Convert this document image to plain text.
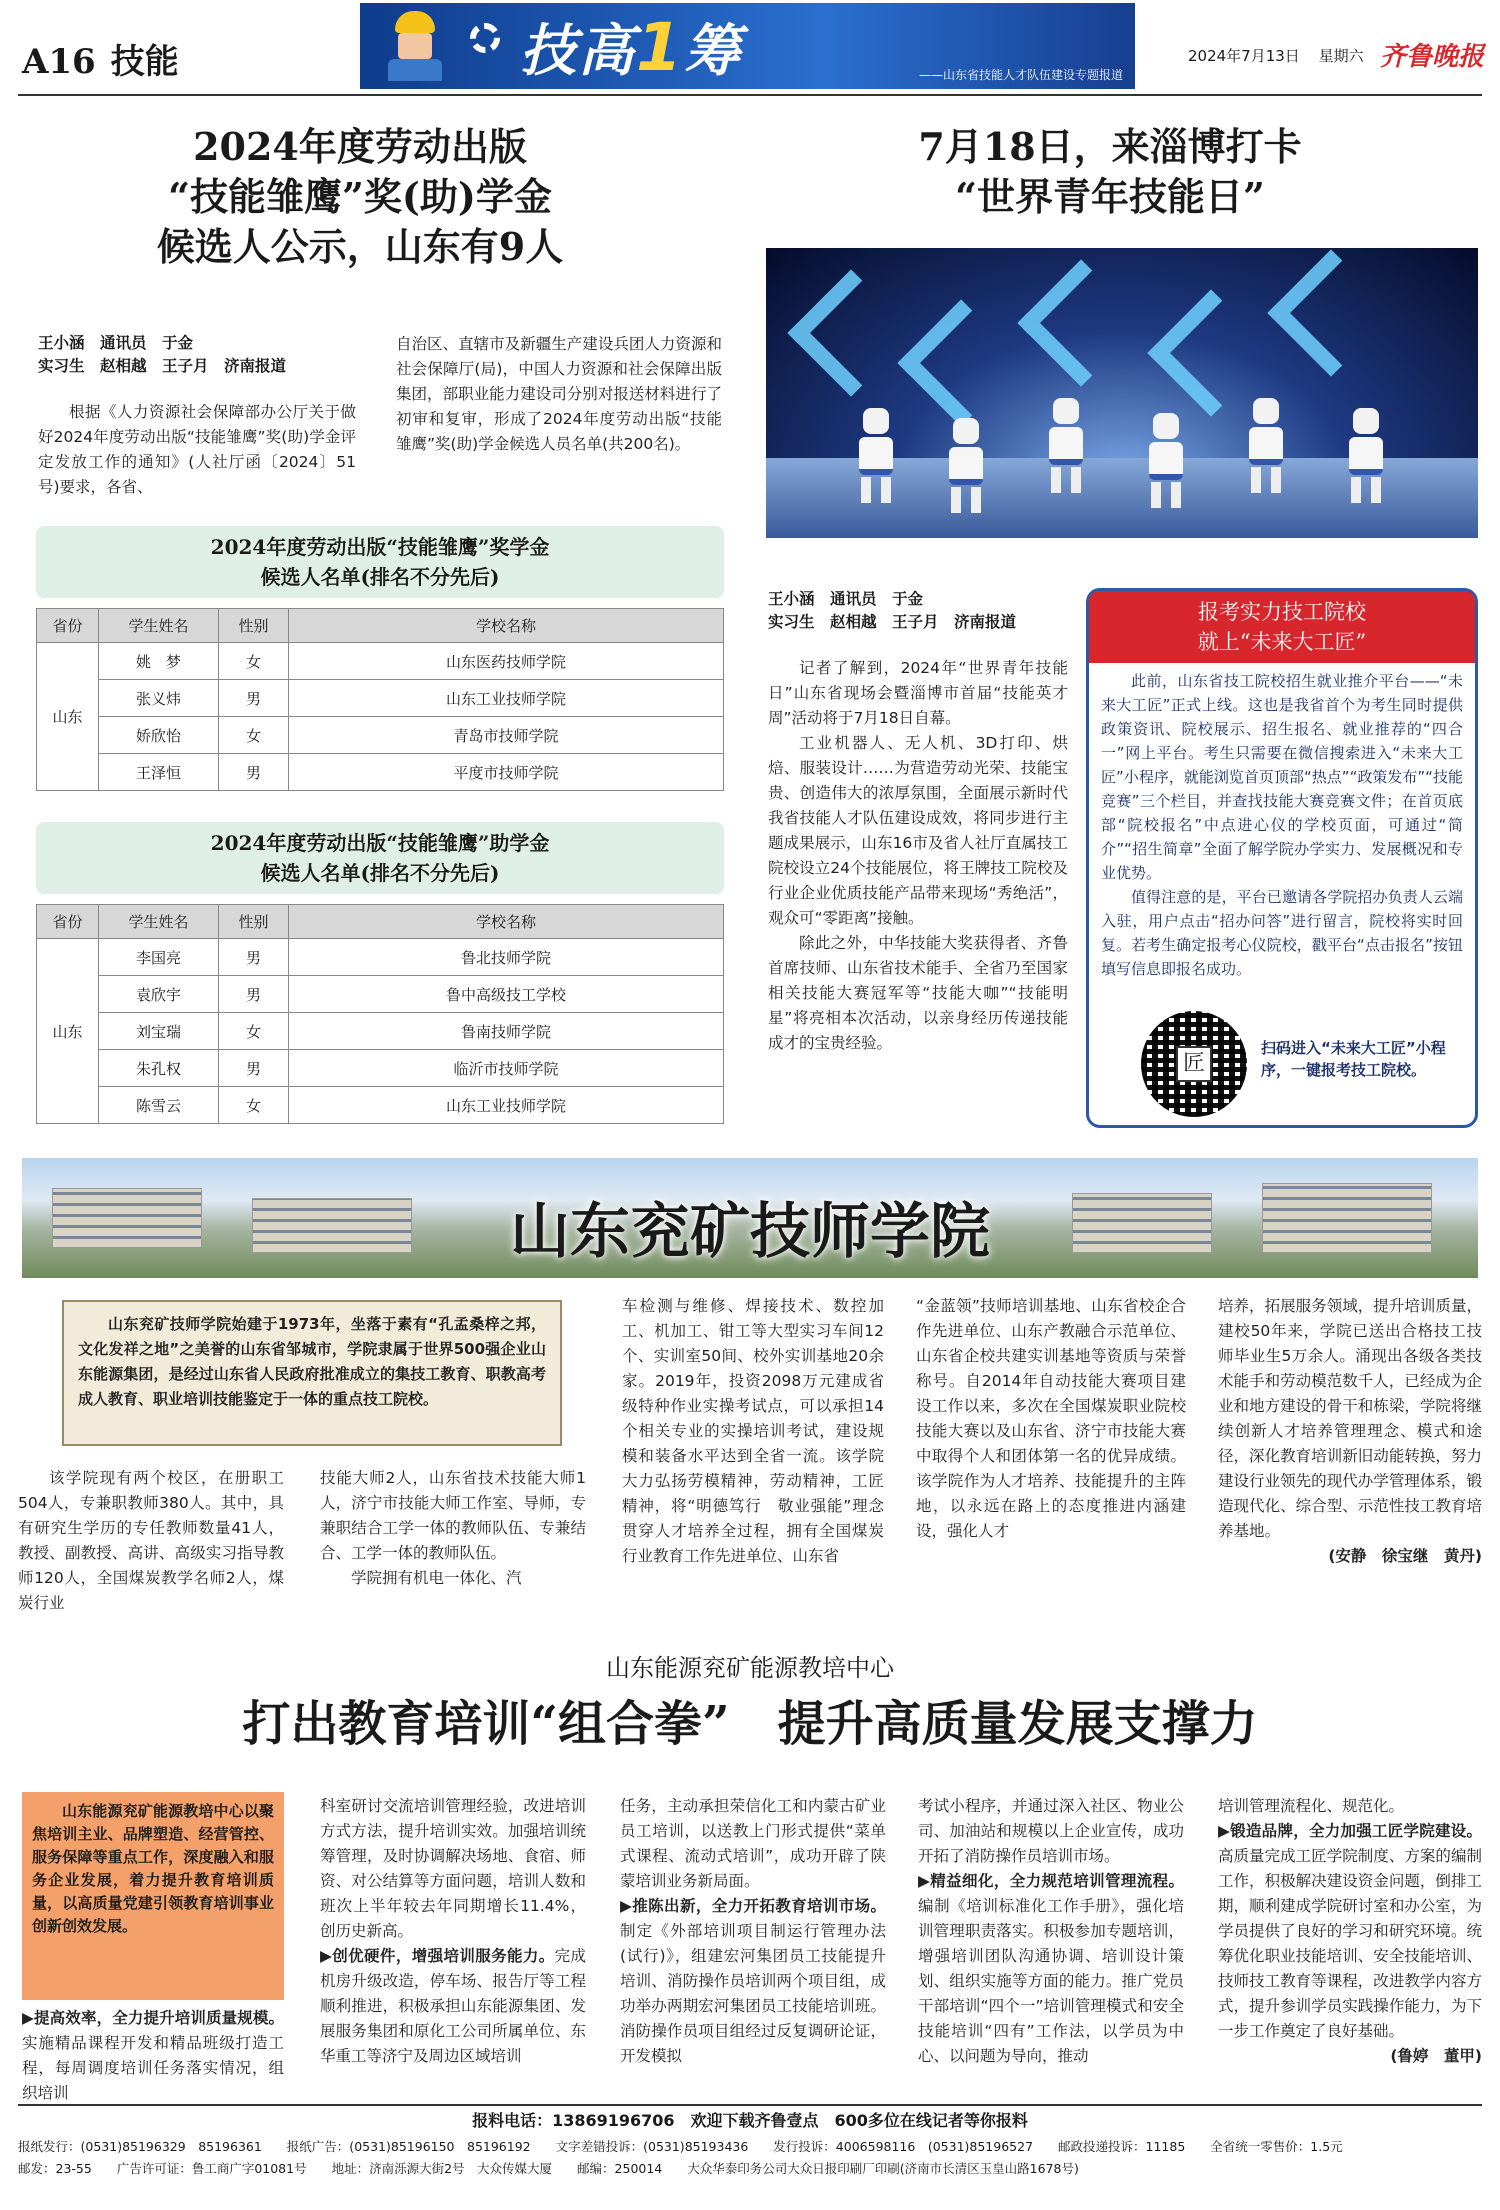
A16 技能	技高1筹	——山东省技能人才队伍建设专题报道
2024年7月13日 星期六 齐鲁晚报
2024年度劳动出版
“技能雏鹰”奖(助)学金
候选人公示，山东有9人
王小涵　通讯员　于金
实习生　赵相越　王子月　济南报道

根据《人力资源社会保障部办公厅关于做好2024年度劳动出版“技能雏鹰”奖(助)学金评定发放工作的通知》(人社厅函〔2024〕51号)要求，各省、

自治区、直辖市及新疆生产建设兵团人力资源和社会保障厅(局)，中国人力资源和社会保障出版集团，部职业能力建设司分别对报送材料进行了初审和复审，形成了2024年度劳动出版“技能雏鹰”奖(助)学金候选人员名单(共200名)。

2024年度劳动出版“技能雏鹰”奖学金
候选人名单(排名不分先后)
省份	学生姓名	性别	学校名称
山东	姚　梦	女	山东医药技师学院
	张义炜	男	山东工业技师学院
	娇欣怡	女	青岛市技师学院
	王泽恒	男	平度市技师学院
2024年度劳动出版“技能雏鹰”助学金
候选人名单(排名不分先后)
省份	学生姓名	性别	学校名称
山东	李国亮	男	鲁北技师学院
	袁欣宇	男	鲁中高级技工学校
	刘宝瑞	女	鲁南技师学院
	朱孔权	男	临沂市技师学院
	陈雪云	女	山东工业技师学院
7月18日，来淄博打卡
“世界青年技能日”
王小涵　通讯员　于金
实习生　赵相越　王子月　济南报道

记者了解到，2024年“世界青年技能日”山东省现场会暨淄博市首届“技能英才周”活动将于7月18日自幕。

工业机器人、无人机、3D打印、烘焙、服装设计……为营造劳动光荣、技能宝贵、创造伟大的浓厚氛围，全面展示新时代我省技能人才队伍建设成效，将同步进行主题成果展示，山东16市及省人社厅直属技工院校设立24个技能展位，将王牌技工院校及行业企业优质技能产品带来现场“秀绝活”，观众可“零距离”接触。

除此之外，中华技能大奖获得者、齐鲁首席技师、山东省技术能手、全省乃至国家相关技能大赛冠军等“技能大咖”“技能明星”将亮相本次活动，以亲身经历传递技能成才的宝贵经验。

报考实力技工院校
就上“未来大工匠”

此前，山东省技工院校招生就业推介平台——“未来大工匠”正式上线。这也是我省首个为考生同时提供政策资讯、院校展示、招生报名、就业推荐的“四合一”网上平台。考生只需要在微信搜索进入“未来大工匠”小程序，就能浏览首页顶部“热点”“政策发布”“技能竞赛”三个栏目，并查找技能大赛竞赛文件；在首页底部“院校报名”中点进心仪的学校页面，可通过“简介”“招生简章”全面了解学院办学实力、发展概况和专业优势。

值得注意的是，平台已邀请各学院招办负责人云端入驻，用户点击“招办问答”进行留言，院校将实时回复。若考生确定报考心仪院校，戳平台“点击报名”按钮填写信息即报名成功。

匠
扫码进入“未来大工匠”小程序，一键报考技工院校。
山东兖矿技师学院
山东兖矿技师学院始建于1973年，坐落于素有“孔孟桑梓之邦，文化发祥之地”之美誉的山东省邹城市，学院隶属于世界500强企业山东能源集团，是经过山东省人民政府批准成立的集技工教育、职教高考成人教育、职业培训技能鉴定于一体的重点技工院校。

该学院现有两个校区，在册职工504人，专兼职教师380人。其中，具有研究生学历的专任教师数量41人，教授、副教授、高讲、高级实习指导教师120人，全国煤炭教学名师2人，煤炭行业

技能大师2人，山东省技术技能大师1人，济宁市技能大师工作室、导师，专兼职结合工学一体的教师队伍、专兼结合、工学一体的教师队伍。

学院拥有机电一体化、汽

车检测与维修、焊接技术、数控加工、机加工、钳工等大型实习车间12个、实训室50间、校外实训基地20余家。2019年，投资2098万元建成省级特种作业实操考试点，可以承担14个相关专业的实操培训考试，建设规模和装备水平达到全省一流。该学院大力弘扬劳模精神，劳动精神，工匠精神，将“明德笃行　敬业强能”理念贯穿人才培养全过程，拥有全国煤炭行业教育工作先进单位、山东省

“金蓝领”技师培训基地、山东省校企合作先进单位、山东产教融合示范单位、山东省企校共建实训基地等资质与荣誉称号。自2014年自动技能大赛项目建设工作以来，多次在全国煤炭职业院校技能大赛以及山东省、济宁市技能大赛中取得个人和团体第一名的优异成绩。该学院作为人才培养、技能提升的主阵地，以永远在路上的态度推进内涵建设，强化人才

培养，拓展服务领域，提升培训质量，建校50年来，学院已送出合格技工技师毕业生5万余人。涌现出各级各类技术能手和劳动模范数千人，已经成为企业和地方建设的骨干和栋梁，学院将继续创新人才培养管理理念、模式和途径，深化教育培训新旧动能转换，努力建设行业领先的现代办学管理体系，锻造现代化、综合型、示范性技工教育培养基地。

(安静　徐宝继　黄丹)
山东能源兖矿能源教培中心
打出教育培训“组合拳”　提升高质量发展支撑力
山东能源兖矿能源教培中心以聚焦培训主业、品牌塑造、经营管控、服务保障等重点工作，深度融入和服务企业发展，着力提升教育培训质量，以高质量党建引领教育培训事业创新创效发展。
▶提高效率，全力提升培训质量规模。实施精品课程开发和精品班级打造工程，每周调度培训任务落实情况，组织培训
科室研讨交流培训管理经验，改进培训方式方法，提升培训实效。加强培训统筹管理，及时协调解决场地、食宿、师资、对公结算等方面问题，培训人数和班次上半年较去年同期增长11.4%，创历史新高。
▶创优硬件，增强培训服务能力。完成机房升级改造，停车场、报告厅等工程顺利推进，积极承担山东能源集团、发展服务集团和原化工公司所属单位、东华重工等济宁及周边区域培训
任务，主动承担荣信化工和内蒙古矿业员工培训，以送教上门形式提供“菜单式课程、流动式培训”，成功开辟了陕蒙培训业务新局面。
▶推陈出新，全力开拓教育培训市场。制定《外部培训项目制运行管理办法(试行)》，组建宏河集团员工技能提升培训、消防操作员培训两个项目组，成功举办两期宏河集团员工技能培训班。消防操作员项目组经过反复调研论证，开发模拟
考试小程序，并通过深入社区、物业公司、加油站和规模以上企业宣传，成功开拓了消防操作员培训市场。
▶精益细化，全力规范培训管理流程。编制《培训标准化工作手册》，强化培训管理职责落实。积极参加专题培训，增强培训团队沟通协调、培训设计策划、组织实施等方面的能力。推广党员干部培训“四个一”培训管理模式和安全技能培训“四有”工作法，以学员为中心、以问题为导向，推动
培训管理流程化、规范化。
▶锻造品牌，全力加强工匠学院建设。高质量完成工匠学院制度、方案的编制工作，积极解决建设资金问题，倒排工期，顺利建成学院研讨室和办公室，为学员提供了良好的学习和研究环境。统筹优化职业技能培训、安全技能培训、技师技工教育等课程，改进教学内容方式，提升参训学员实践操作能力，为下一步工作奠定了良好基础。
(鲁婷　董甲)
报料电话：13869196706　欢迎下载齐鲁壹点　600多位在线记者等你报料
报纸发行：(0531)85196329　85196361　　报纸广告：(0531)85196150　85196192　　文字差错投诉：(0531)85193436　　发行投诉：4006598116　(0531)85196527　　邮政投递投诉：11185　　全省统一零售价：1.5元
邮发：23-55　　广告许可证：鲁工商广字01081号　　地址：济南泺源大街2号　大众传媒大厦　　邮编：250014　　大众华泰印务公司大众日报印刷厂印刷(济南市长清区玉皇山路1678号)
